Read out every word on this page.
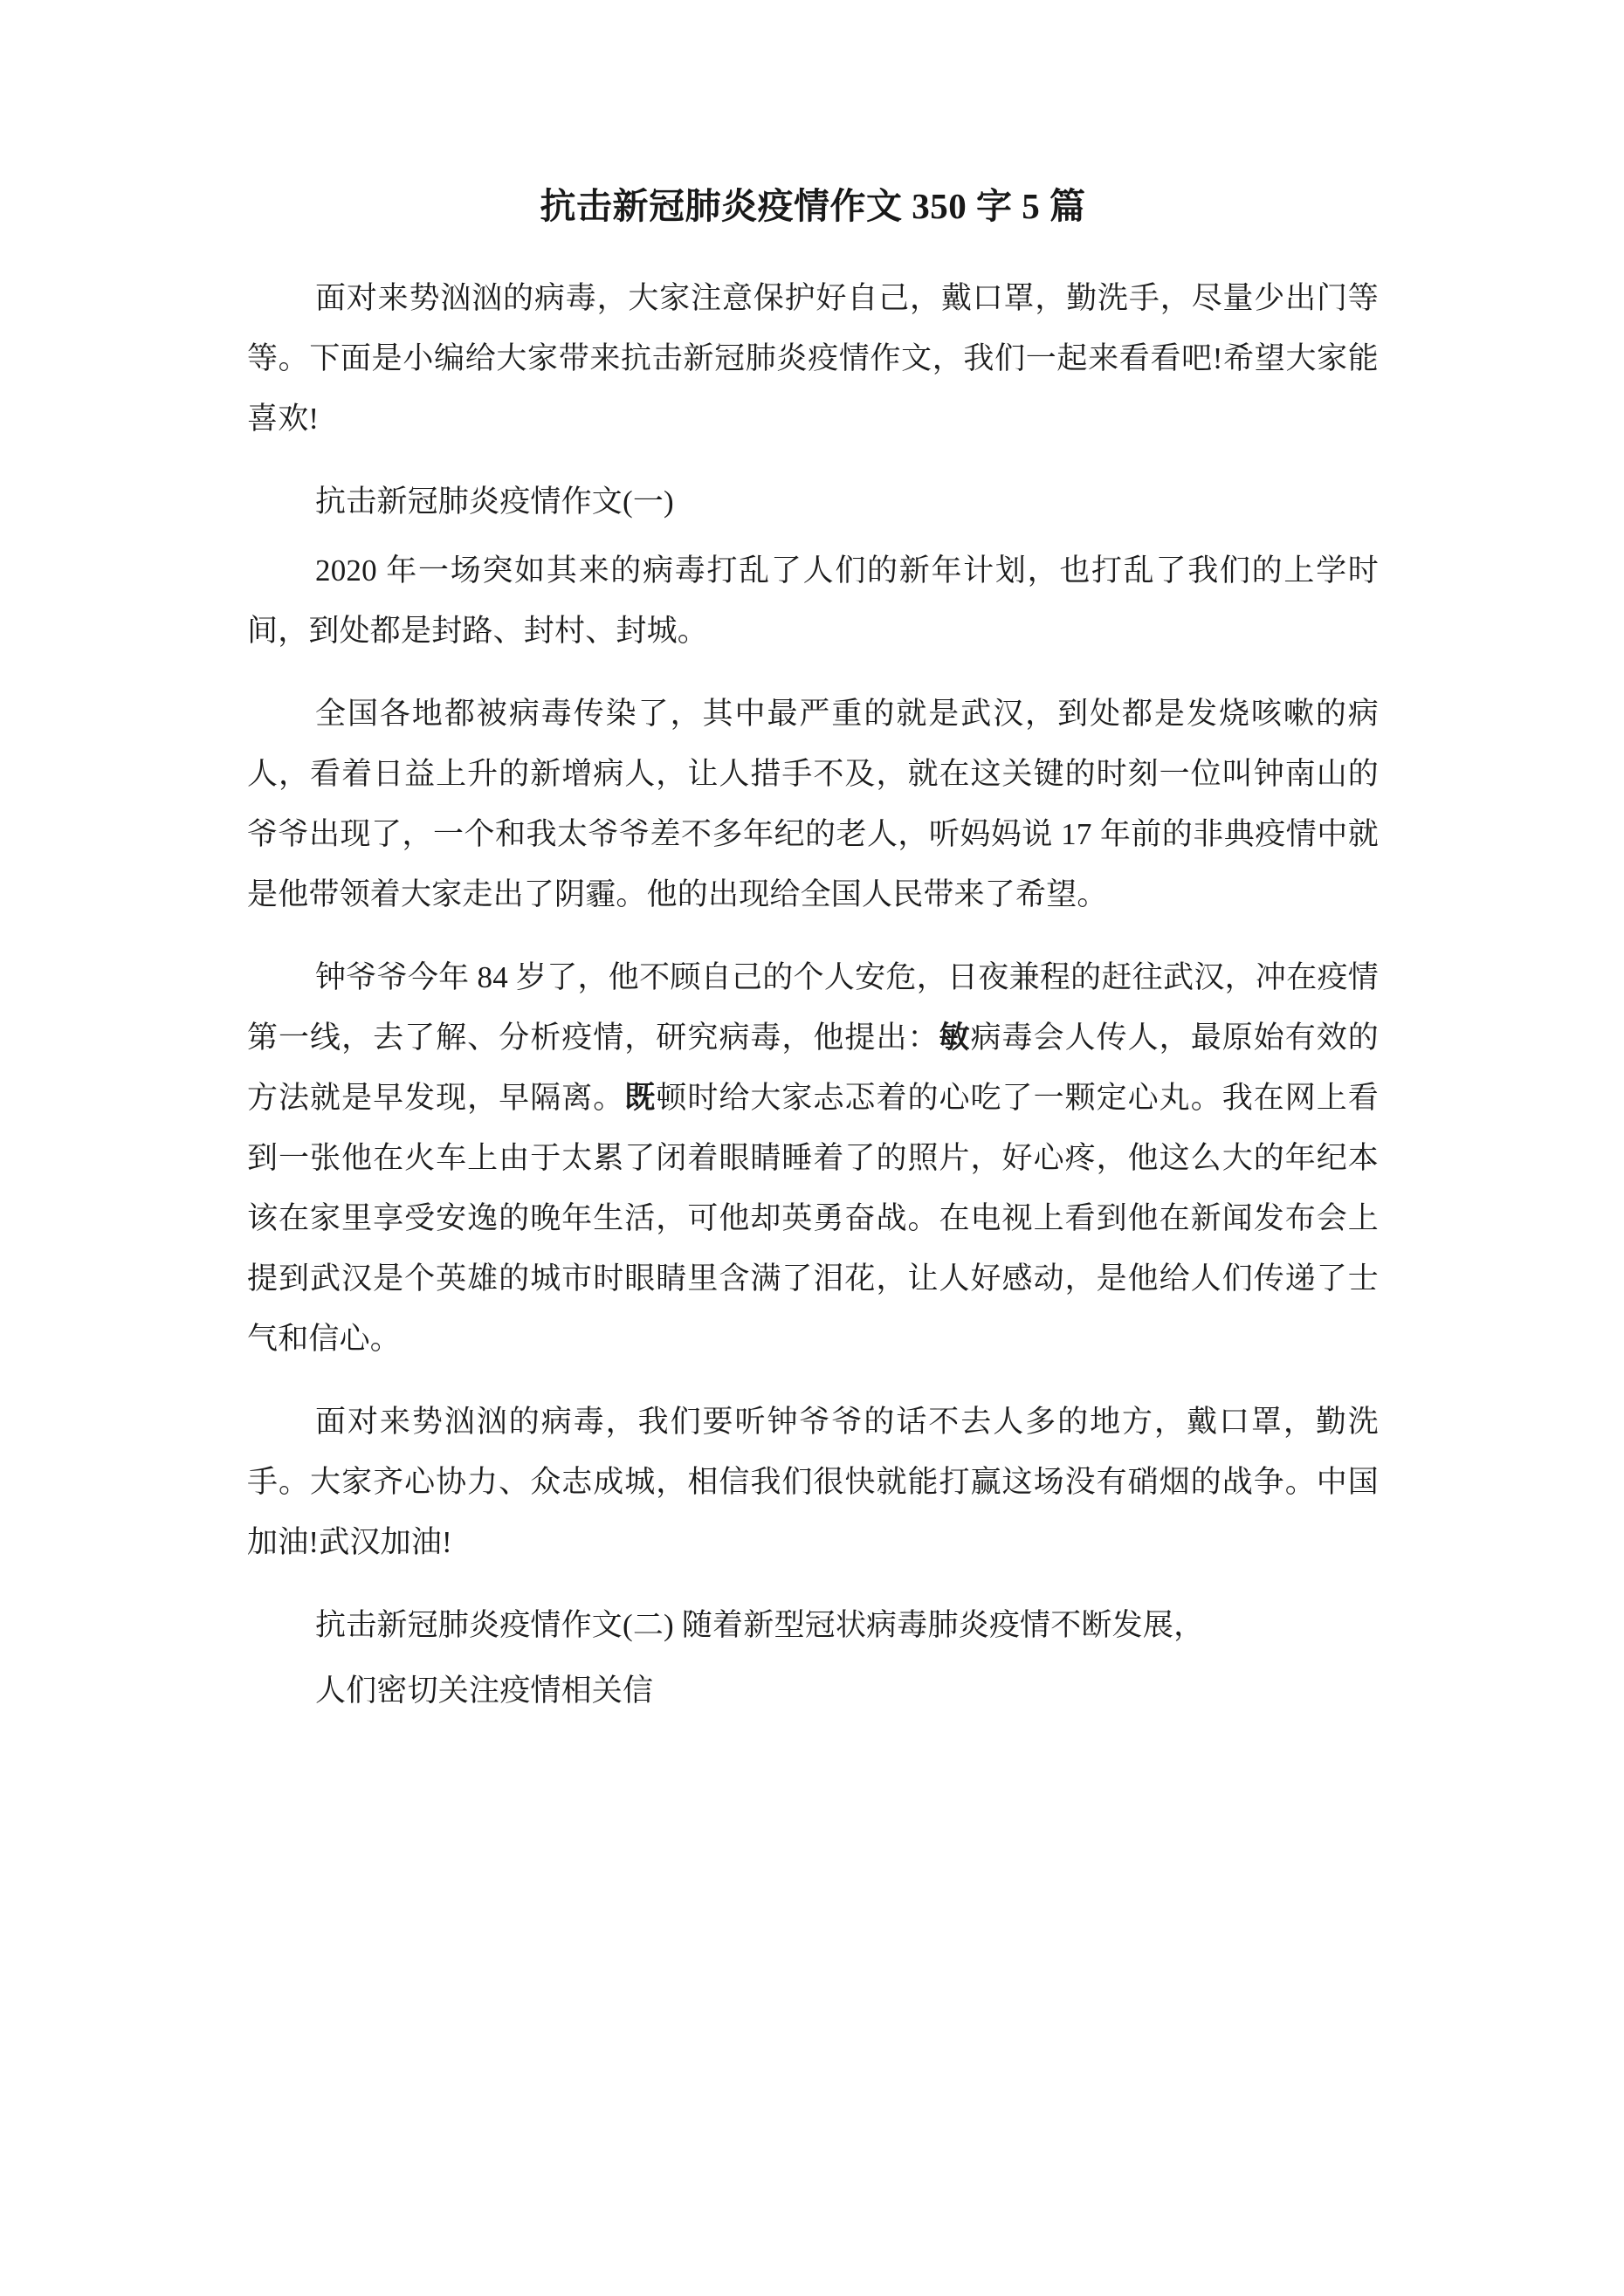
抗击新冠肺炎疫情作文 350 字 5 篇

面对来势汹汹的病毒，大家注意保护好自己，戴口罩，勤洗手，尽量少出门等等。下面是小编给大家带来抗击新冠肺炎疫情作文，我们一起来看看吧!希望大家能喜欢!

抗击新冠肺炎疫情作文(一)

2020 年一场突如其来的病毒打乱了人们的新年计划，也打乱了我们的上学时间，到处都是封路、封村、封城。

全国各地都被病毒传染了，其中最严重的就是武汉，到处都是发烧咳嗽的病人，看着日益上升的新增病人，让人措手不及，就在这关键的时刻一位叫钟南山的爷爷出现了，一个和我太爷爷差不多年纪的老人，听妈妈说 17 年前的非典疫情中就是他带领着大家走出了阴霾。他的出现给全国人民带来了希望。

钟爷爷今年 84 岁了，他不顾自己的个人安危，日夜兼程的赶往武汉，冲在疫情第一线，去了解、分析疫情，研究病毒，他提出：敏病毒会人传人，最原始有效的方法就是早发现，早隔离。既顿时给大家忐忑着的心吃了一颗定心丸。我在网上看到一张他在火车上由于太累了闭着眼睛睡着了的照片，好心疼，他这么大的年纪本该在家里享受安逸的晚年生活，可他却英勇奋战。在电视上看到他在新闻发布会上提到武汉是个英雄的城市时眼睛里含满了泪花，让人好感动，是他给人们传递了士气和信心。

面对来势汹汹的病毒，我们要听钟爷爷的话不去人多的地方，戴口罩，勤洗手。大家齐心协力、众志成城，相信我们很快就能打赢这场没有硝烟的战争。中国加油!武汉加油!

抗击新冠肺炎疫情作文(二) 随着新型冠状病毒肺炎疫情不断发展，

人们密切关注疫情相关信
